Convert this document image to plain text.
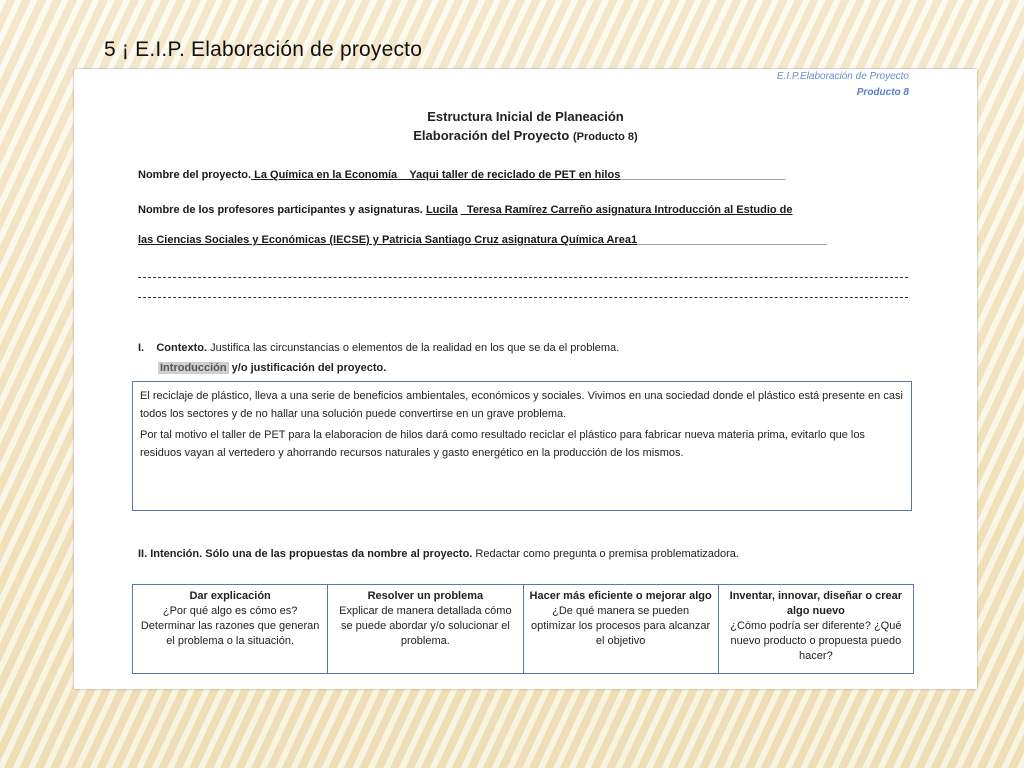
5 ¡ E.I.P. Elaboración de proyecto
E.I.P.Elaboración de Proyecto
Producto 8
Estructura Inicial de Planeación
Elaboración del Proyecto (Producto 8)
Nombre del proyecto. La Química en la Economía__Yaqui taller de reciclado de PET en hilos___________________________
Nombre de los profesores participantes y asignaturas. Lucila _Teresa Ramírez Carreño asignatura Introducción al Estudio de
las Ciencias Sociales y Económicas (IECSE) y Patricia Santiago Cruz asignatura Química Area1_______________________________
I. Contexto. Justifica las circunstancias o elementos de la realidad en los que se da el problema.
Introducción y/o justificación del proyecto.

El reciclaje de plástico, lleva a una serie de beneficios ambientales, económicos y sociales. Vivimos en una sociedad donde el plástico está presente en casi todos los sectores y de no hallar una solución puede convertirse en un grave problema.

Por tal motivo el taller de PET para la elaboracion de hilos dará como resultado reciclar el plástico para fabricar nueva materia prima, evitarlo que los residuos vayan al vertedero y ahorrando recursos naturales y gasto energético en la producción de los mismos.

II. Intención. Sólo una de las propuestas da nombre al proyecto. Redactar como pregunta o premisa problematizadora.
Dar explicación
¿Por qué algo es cómo es? Determinar las razones que generan el problema o la situación.

Resolver un problema
Explicar de manera detallada cómo se puede abordar y/o solucionar el problema.

Hacer más eficiente o mejorar algo
¿De qué manera se pueden optimizar los procesos para alcanzar el objetivo

Inventar, innovar, diseñar o crear algo nuevo
¿Cómo podría ser diferente? ¿Qué nuevo producto o propuesta puedo hacer?
